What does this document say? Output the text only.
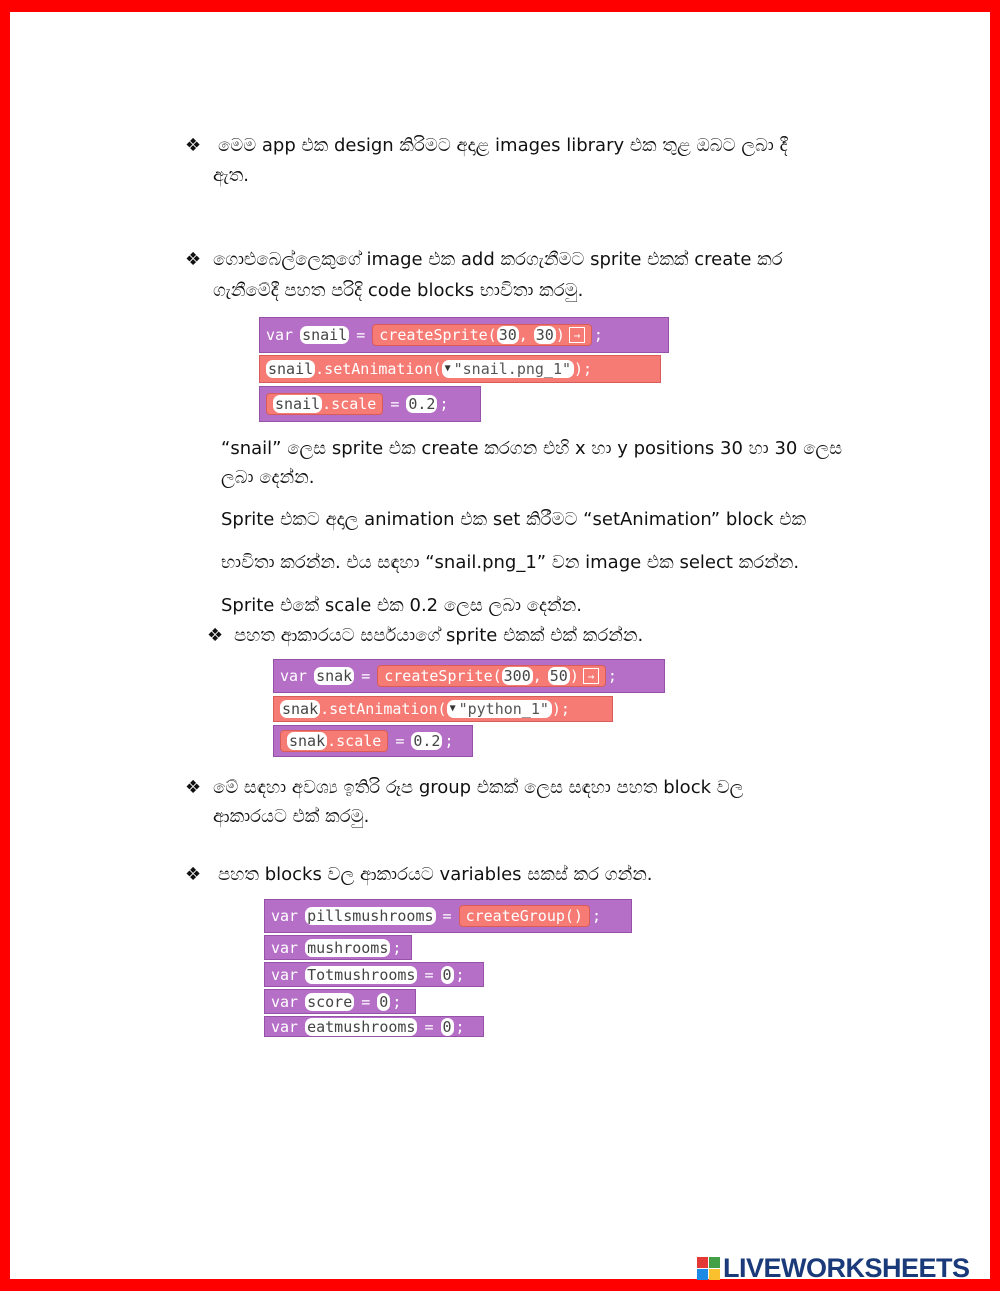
❖ මෙම app එක design කිරිමට අදාළ images library එක තුළ ඔබට ලබා දී
ඇත.
❖ ගොළුබෙල්ලෙකුගේ image එක add කරගැනීමට sprite එකක් create කර
ගැනීමේදී පහත පරිදි code blocks භාවිතා කරමු.
var snail = createSprite( 30 , 30 ) → ;
snail .setAnimation( ▼ "snail.png_1" );
snail .scale = 0.2 ;
“snail” ලෙස sprite එක create කරගන එහි x හා y positions 30 හා 30 ලෙස
ලබා දෙන්න.
Sprite එකට අදාල animation එක set කිරීමට “setAnimation” block එක
භාවිතා කරන්න. එය සඳහා “snail.png_1” වන image එක select කරන්න.
Sprite එකේ scale එක 0.2 ලෙස ලබා දෙන්න.
❖ පහත ආකාරයට සර්පයාගේ sprite එකක් එක් කරන්න.
var snak = createSprite( 300 , 50 ) → ;
snak .setAnimation( ▼ "python_1" );
snak .scale = 0.2 ;
❖ මේ සඳහා අවශ්‍ය ඉතිරි රූප group එකක් ලෙස සඳහා පහත block වල
ආකාරයට එක් කරමු.
❖ පහත blocks වල ආකාරයට variables සකස් කර ගන්න.
var pillsmushrooms = createGroup() ;
var mushrooms ;
var Totmushrooms = 0 ;
var score = 0 ;
var eatmushrooms = 0 ;
LIVEWORKSHEETS
